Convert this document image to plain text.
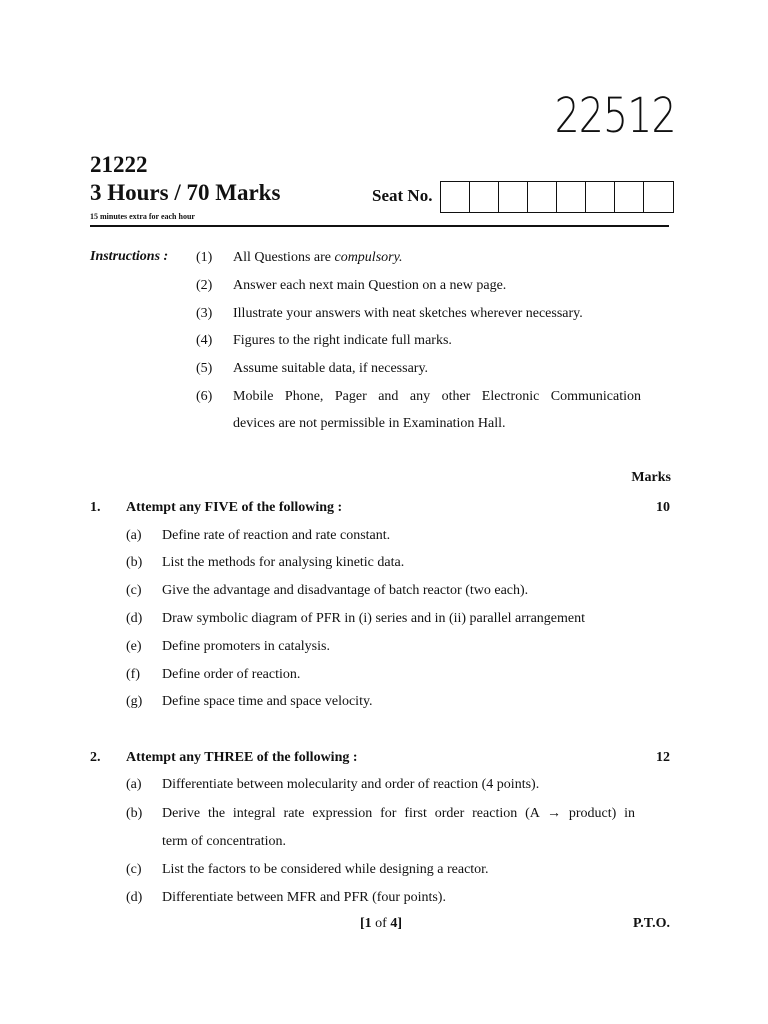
22512
21222
3 Hours / 70 Marks
15 minutes extra for each hour
Seat No.
Instructions : (1) All Questions are compulsory.
(2) Answer each next main Question on a new page.
(3) Illustrate your answers with neat sketches wherever necessary.
(4) Figures to the right indicate full marks.
(5) Assume suitable data, if necessary.
(6) Mobile Phone, Pager and any other Electronic Communication
devices are not permissible in Examination Hall.
Marks
1. Attempt any FIVE of the following :	10
(a) Define rate of reaction and rate constant.
(b) List the methods for analysing kinetic data.
(c) Give the advantage and disadvantage of batch reactor (two each).
(d) Draw symbolic diagram of PFR in (i) series and in (ii) parallel arrangement
(e) Define promoters in catalysis.
(f) Define order of reaction.
(g) Define space time and space velocity.
2. Attempt any THREE of the following :	12
(a) Differentiate between molecularity and order of reaction (4 points).
(b) Derive the integral rate expression for first order reaction (A → product) in
term of concentration.
(c) List the factors to be considered while designing a reactor.
(d) Differentiate between MFR and PFR (four points).
[1 of 4]	P.T.O.
